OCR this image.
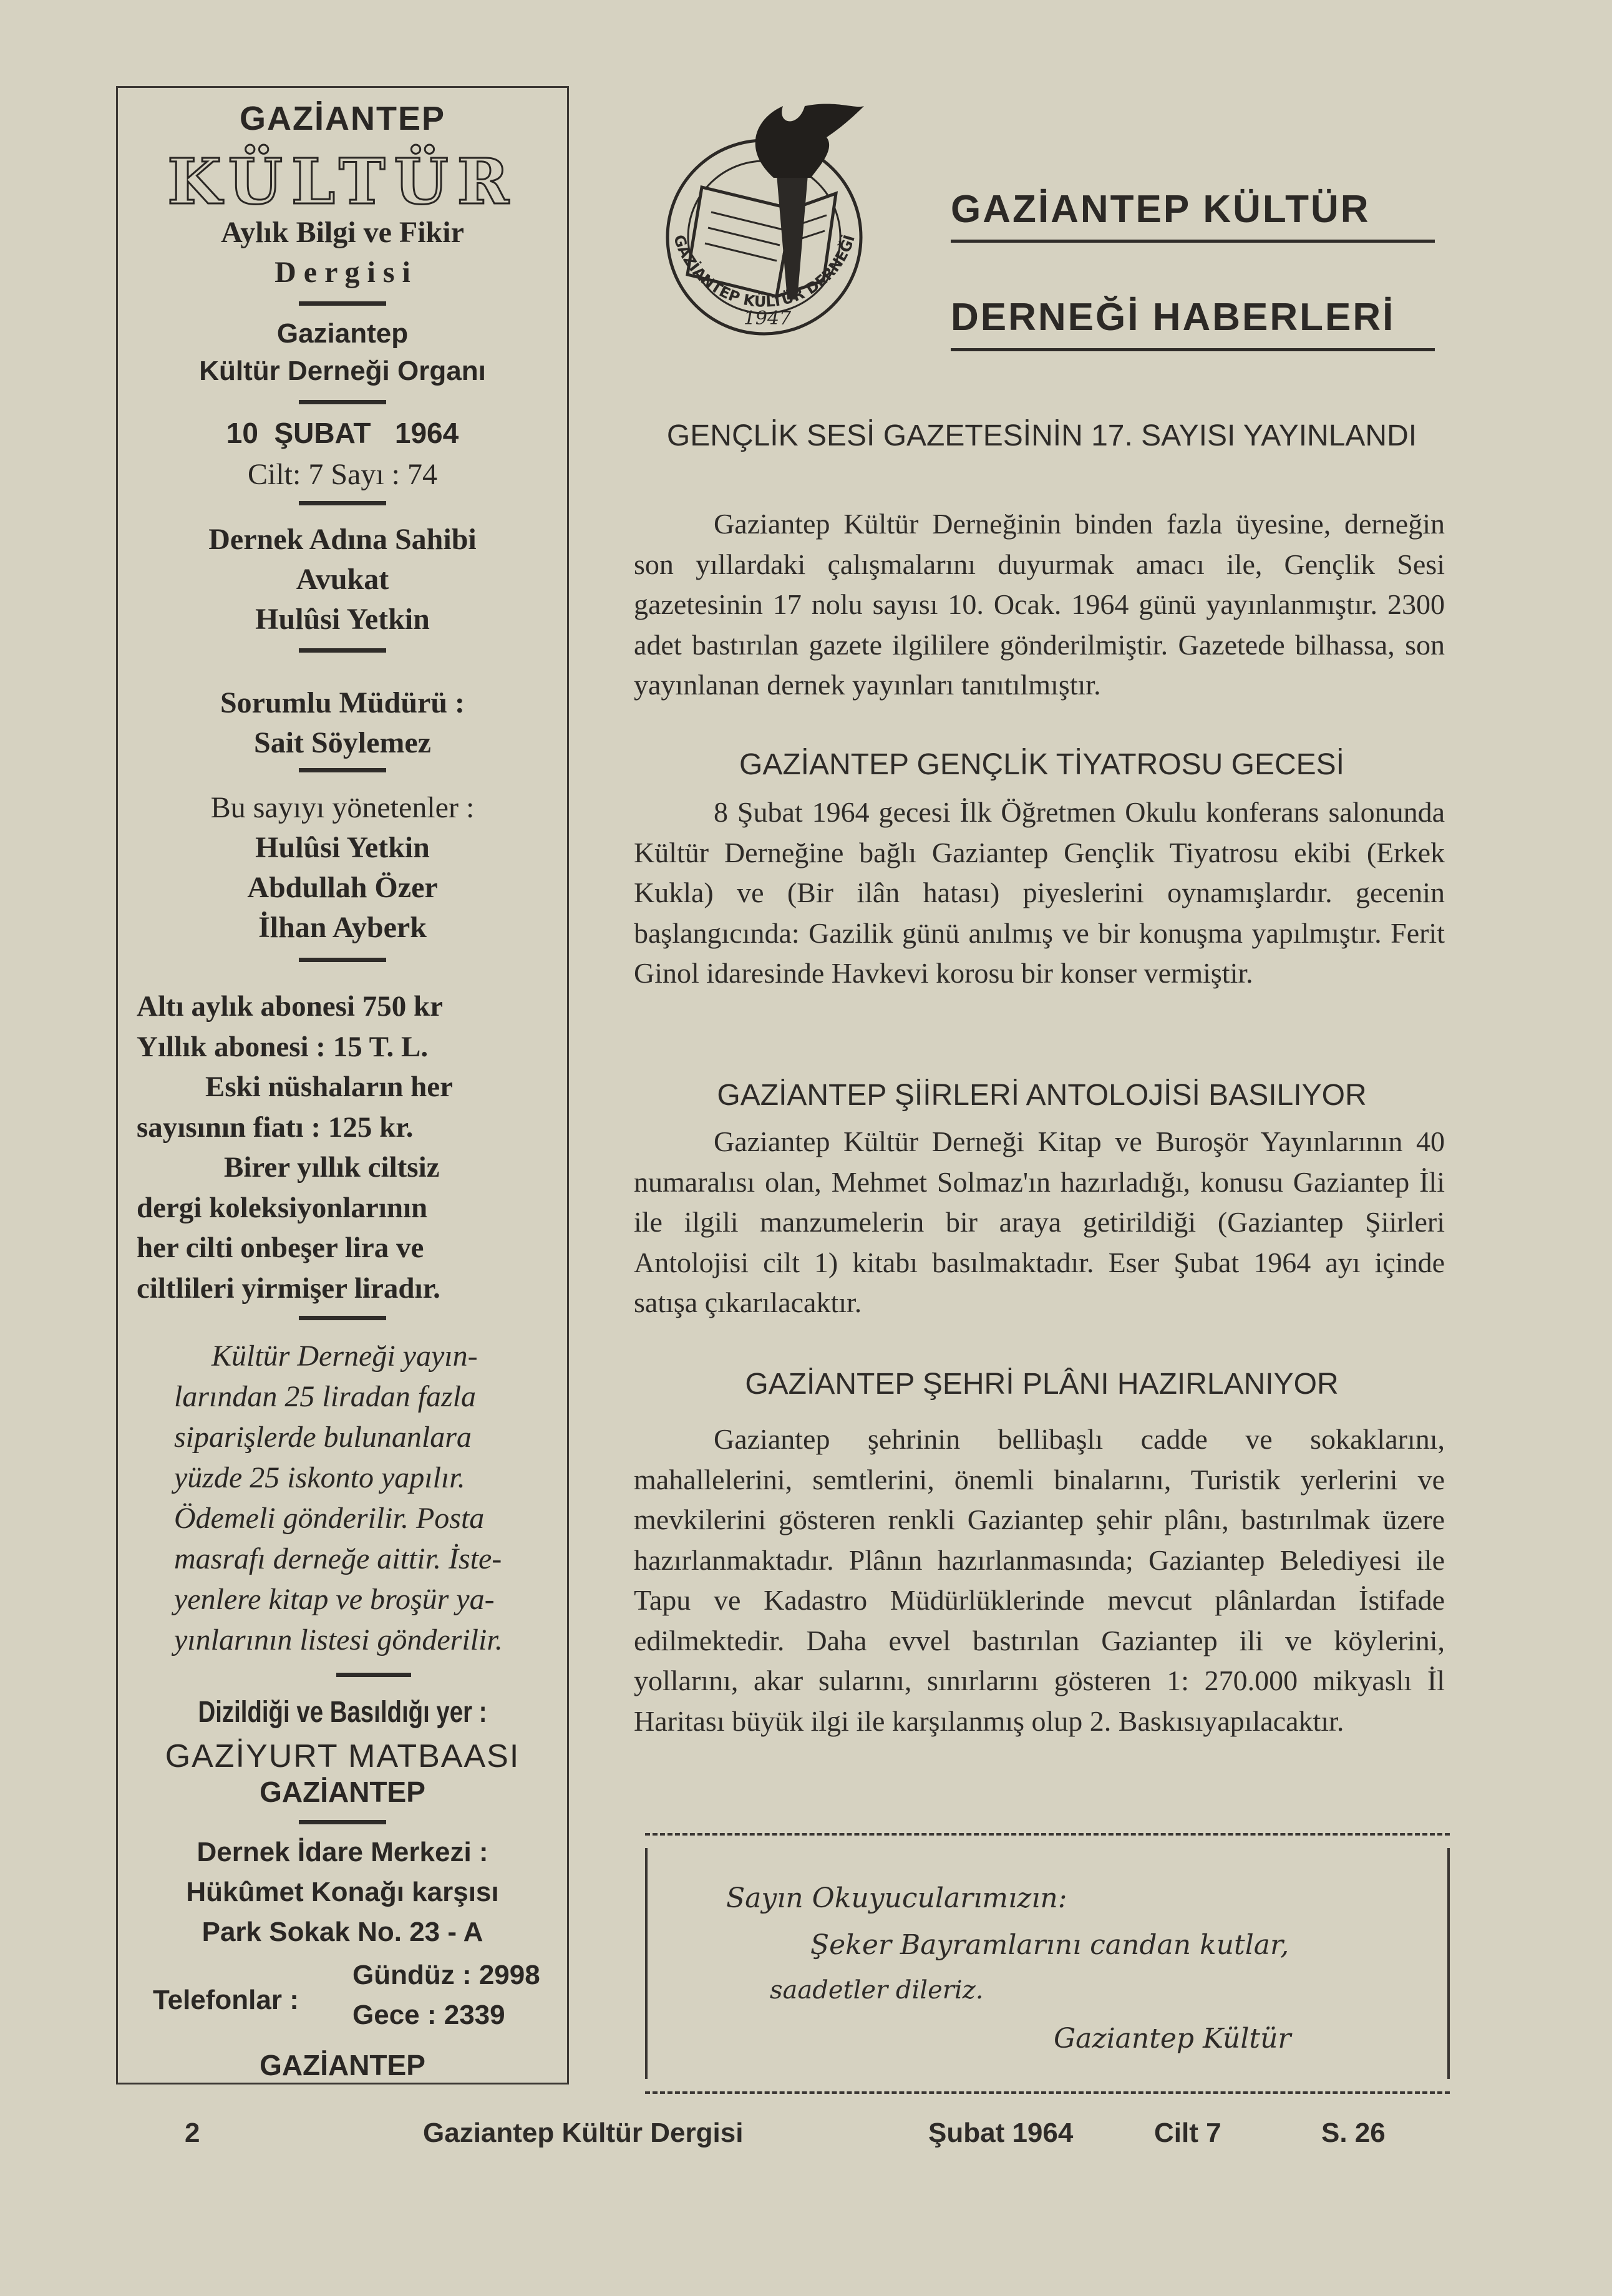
GAZİANTEP
KÜLTÜR
Aylık Bilgi ve Fikir
D e r g i s i
Gaziantep
Kültür Derneği Organı
10 ŞUBAT 1964
Cilt: 7 Sayı : 74
Dernek Adına Sahibi
Avukat
Hulûsi Yetkin
Sorumlu Müdürü :
Sait Söylemez
Bu sayıyı yönetenler :
Hulûsi Yetkin
Abdullah Özer
İlhan Ayberk
Altı aylık abonesi 750 kr
Yıllık abonesi : 15 T. L.
Eski nüshaların her
sayısının fiatı : 125 kr.
Birer yıllık ciltsiz
dergi koleksiyonlarının
her cilti onbeşer lira ve
ciltlileri yirmişer liradır.
Kültür Derneği yayın-
larından 25 liradan fazla
siparişlerde bulunanlara
yüzde 25 iskonto yapılır.
Ödemeli gönderilir. Posta
masrafı derneğe aittir. İste-
yenlere kitap ve broşür ya-
yınlarının listesi gönderilir.
Dizildiği ve Basıldığı yer :
GAZİYURT MATBAASI
GAZİANTEP
Dernek İdare Merkezi :
Hükûmet Konağı karşısı
Park Sokak No. 23 - A
Telefonlar :
Gündüz : 2998
Gece : 2339
GAZİANTEP
GAZİANTEP KÜLTÜR DERNEĞİ
1947
GAZİANTEP KÜLTÜR
DERNEĞİ HABERLERİ
GENÇLİK SESİ GAZETESİNİN 17. SAYISI YAYINLANDI
Gaziantep Kültür Derneğinin binden fazla üyesine, derneğin son yıllardaki çalışmalarını duyurmak amacı ile, Gençlik Sesi gazetesinin 17 nolu sayısı 10. Ocak. 1964 günü yayınlanmıştır. 2300 adet bastırılan gazete ilgililere gönderilmiştir. Gazetede bilhassa, son yayınlanan dernek yayınları tanıtılmıştır.
GAZİANTEP GENÇLİK TİYATROSU GECESİ
8 Şubat 1964 gecesi İlk Öğretmen Okulu konferans salonunda Kültür Derneğine bağlı Gaziantep Gençlik Tiyatrosu ekibi (Erkek Kukla) ve (Bir ilân hatası) piyeslerini oynamışlardır. gecenin başlangıcında: Gazilik günü anılmış ve bir konuşma yapılmıştır. Ferit Ginol idaresinde Havkevi korosu bir konser vermiştir.
GAZİANTEP ŞİİRLERİ ANTOLOJİSİ BASILIYOR
Gaziantep Kültür Derneği Kitap ve Buroşör Yayınlarının 40 numaralısı olan, Mehmet Solmaz'ın hazırladığı, konusu Gaziantep İli ile ilgili manzumelerin bir araya getirildiği (Gaziantep Şiirleri Antolojisi cilt 1) kitabı basılmaktadır. Eser Şubat 1964 ayı içinde satışa çıkarılacaktır.
GAZİANTEP ŞEHRİ PLÂNI HAZIRLANIYOR
Gaziantep şehrinin bellibaşlı cadde ve sokaklarını, mahallelerini, semtlerini, önemli binalarını, Turistik yerlerini ve mevkilerini gösteren renkli Gaziantep şehir plânı, bastırılmak üzere hazırlanmaktadır. Plânın hazırlanmasında; Gaziantep Belediyesi ile Tapu ve Kadastro Müdürlüklerinde mevcut plânlardan İstifade edilmektedir. Daha evvel bastırılan Gaziantep ili ve köylerini, yollarını, akar sularını, sınırlarını gösteren 1: 270.000 mikyaslı İl Haritası büyük ilgi ile karşılanmış olup 2. Baskısıyapılacaktır.
Sayın Okuyucularımızın:
Şeker Bayramlarını candan kutlar,
saadetler dileriz.
Gaziantep Kültür
2	Gaziantep Kültür Dergisi	Şubat 1964	Cilt 7	S. 26
